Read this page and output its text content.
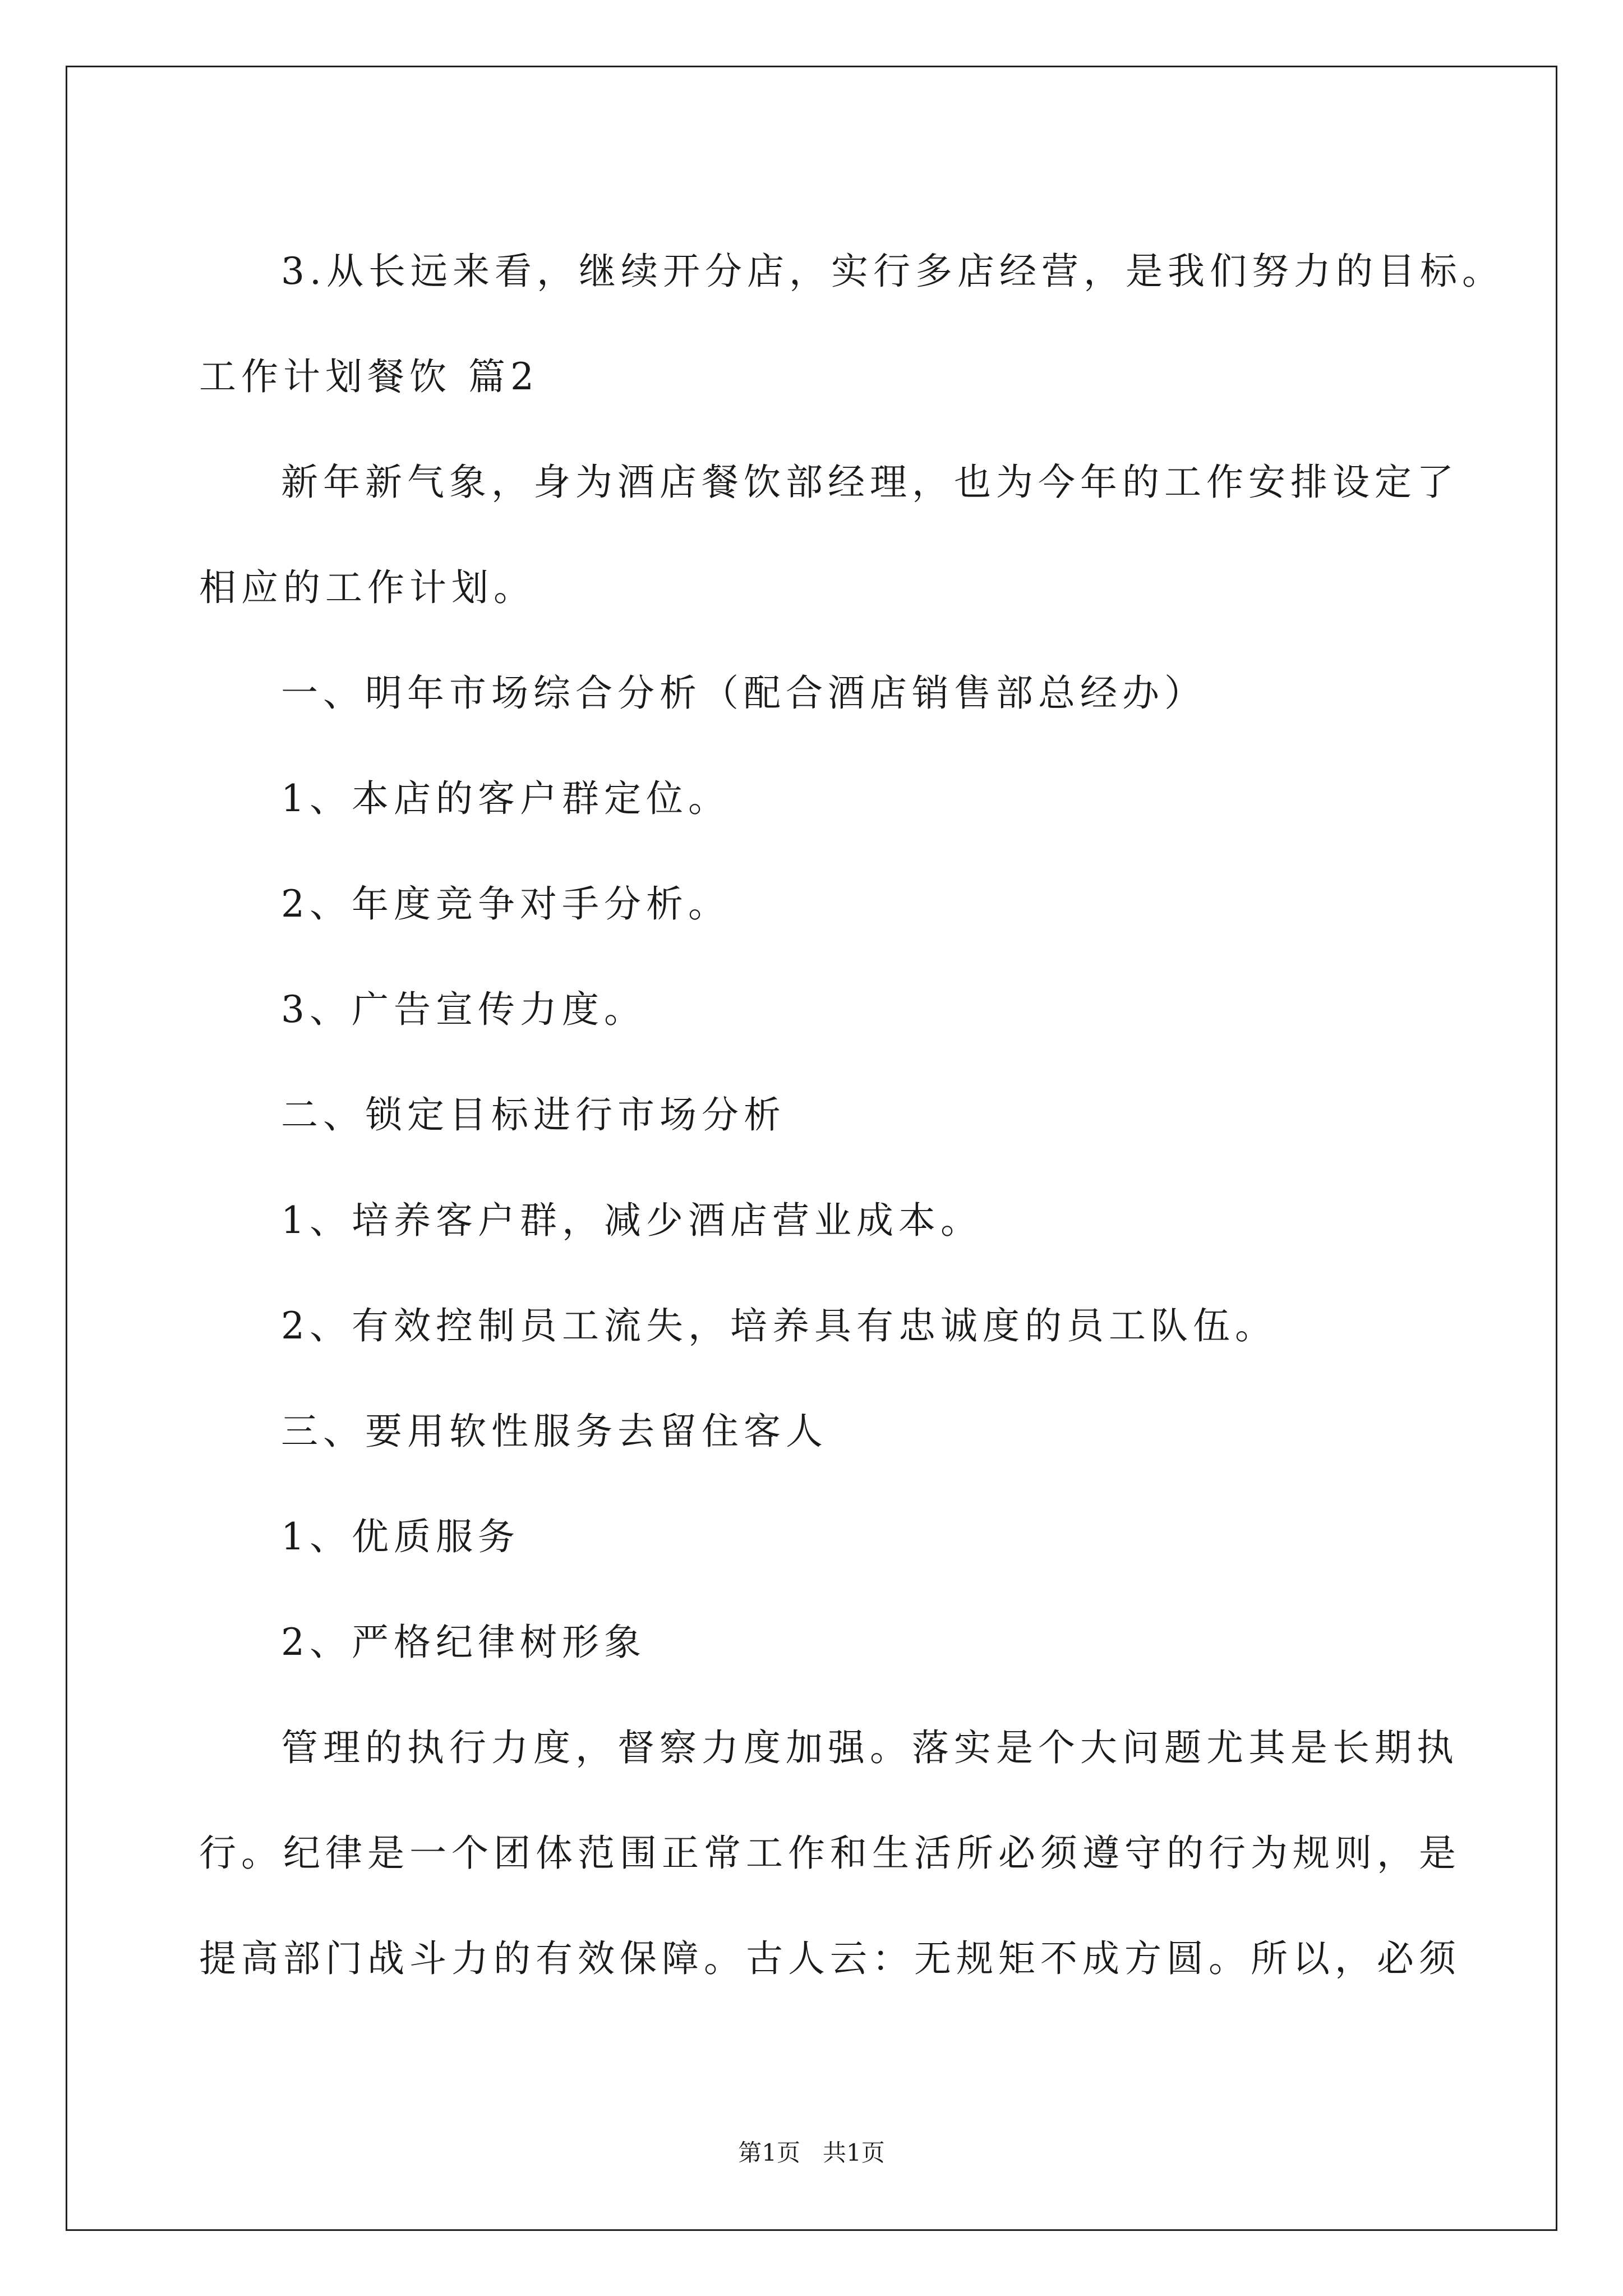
3.从长远来看，继续开分店，实行多店经营，是我们努力的目标。
工作计划餐饮 篇2
新年新气象，身为酒店餐饮部经理，也为今年的工作安排设定了
相应的工作计划。
一、明年市场综合分析（配合酒店销售部总经办）
1、本店的客户群定位。
2、年度竞争对手分析。
3、广告宣传力度。
二、锁定目标进行市场分析
1、培养客户群，减少酒店营业成本。
2、有效控制员工流失，培养具有忠诚度的员工队伍。
三、要用软性服务去留住客人
1、优质服务
2、严格纪律树形象
管理的执行力度，督察力度加强。落实是个大问题尤其是长期执
行。纪律是一个团体范围正常工作和生活所必须遵守的行为规则，是
提高部门战斗力的有效保障。古人云：无规矩不成方圆。所以，必须
第1页   共1页
